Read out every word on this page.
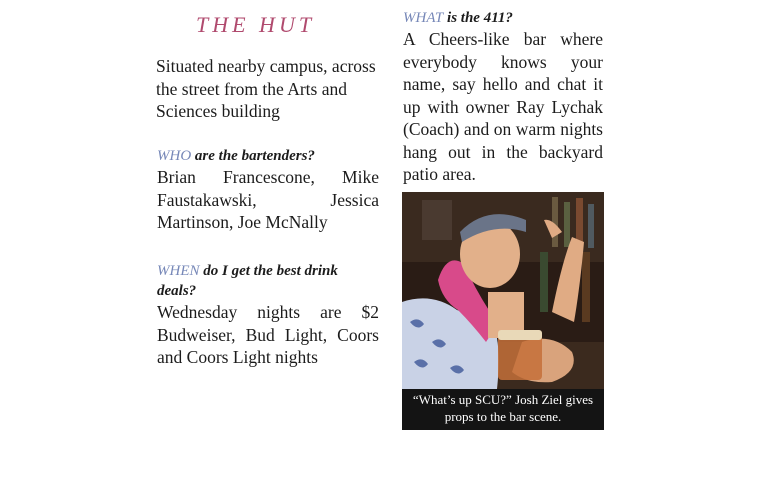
THE HUT
Situated nearby campus, across the street from the Arts and Sciences building
WHO are the bartenders?
Brian Francescone, Mike Faustakawski, Jessica Martinson, Joe McNally
WHEN do I get the best drink deals?
Wednesday nights are $2 Budweiser, Bud Light, Coors and Coors Light nights
WHAT is the 411?
A Cheers-like bar where everybody knows your name, say hello and chat it up with owner Ray Lychak (Coach) and on warm nights hang out in the backyard patio area.
“What’s up SCU?” Josh Ziel gives props to the bar scene.
